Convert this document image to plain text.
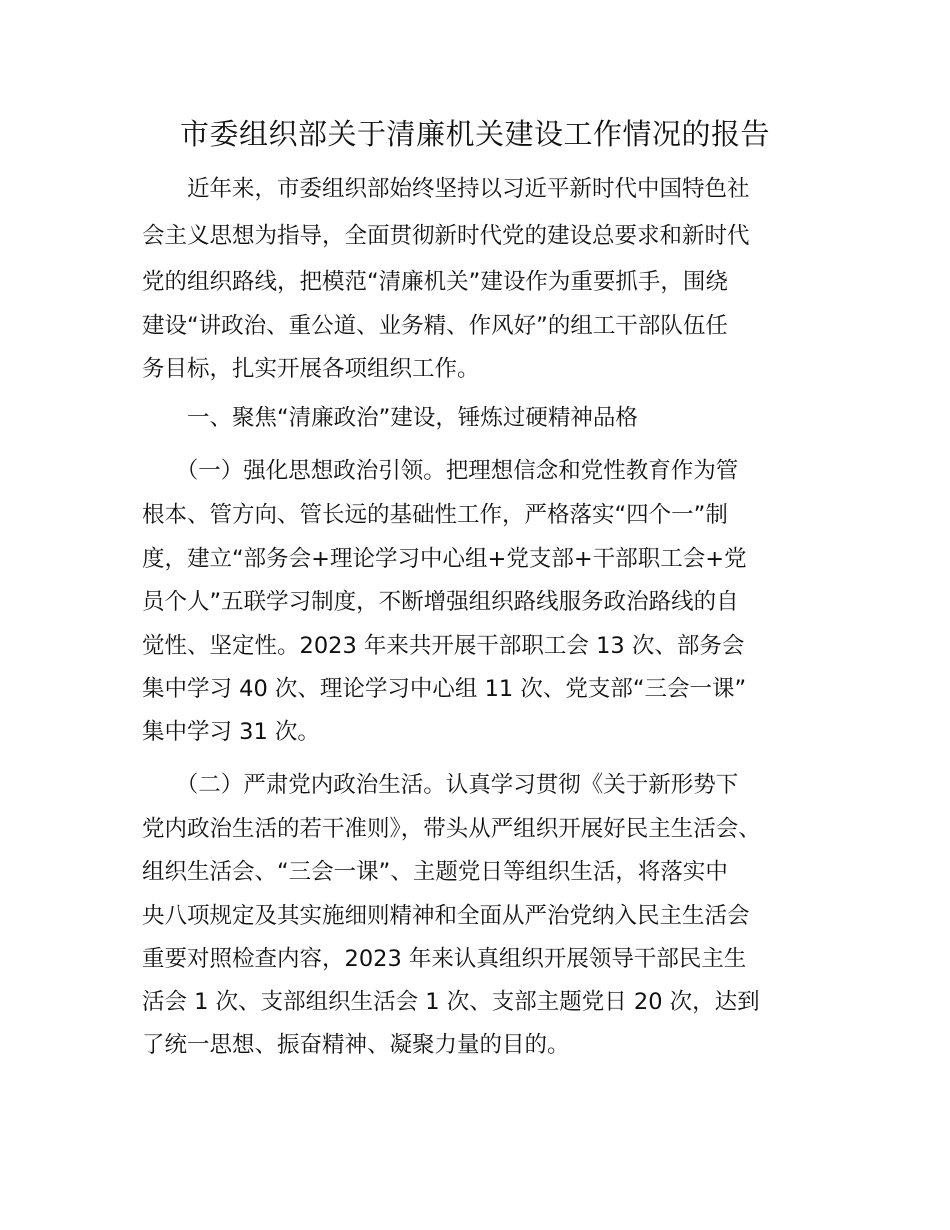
市委组织部关于清廉机关建设工作情况的报告

　　近年来，市委组织部始终坚持以习近平新时代中国特色社

会主义思想为指导，全面贯彻新时代党的建设总要求和新时代

党的组织路线，把模范“清廉机关”建设作为重要抓手，围绕

建设“讲政治、重公道、业务精、作风好”的组工干部队伍任

务目标，扎实开展各项组织工作。

　　一、聚焦“清廉政治”建设，锤炼过硬精神品格

　　（一）强化思想政治引领。把理想信念和党性教育作为管

根本、管方向、管长远的基础性工作，严格落实“四个一”制

度，建立“部务会+理论学习中心组+党支部+干部职工会+党

员个人”五联学习制度，不断增强组织路线服务政治路线的自

觉性、坚定性。2023 年来共开展干部职工会 13 次、部务会

集中学习 40 次、理论学习中心组 11 次、党支部“三会一课”

集中学习 31 次。

　　（二）严肃党内政治生活。认真学习贯彻《关于新形势下

党内政治生活的若干准则》，带头从严组织开展好民主生活会、

组织生活会、“三会一课”、主题党日等组织生活，将落实中

央八项规定及其实施细则精神和全面从严治党纳入民主生活会

重要对照检查内容，2023 年来认真组织开展领导干部民主生

活会 1 次、支部组织生活会 1 次、支部主题党日 20 次，达到

了统一思想、振奋精神、凝聚力量的目的。
